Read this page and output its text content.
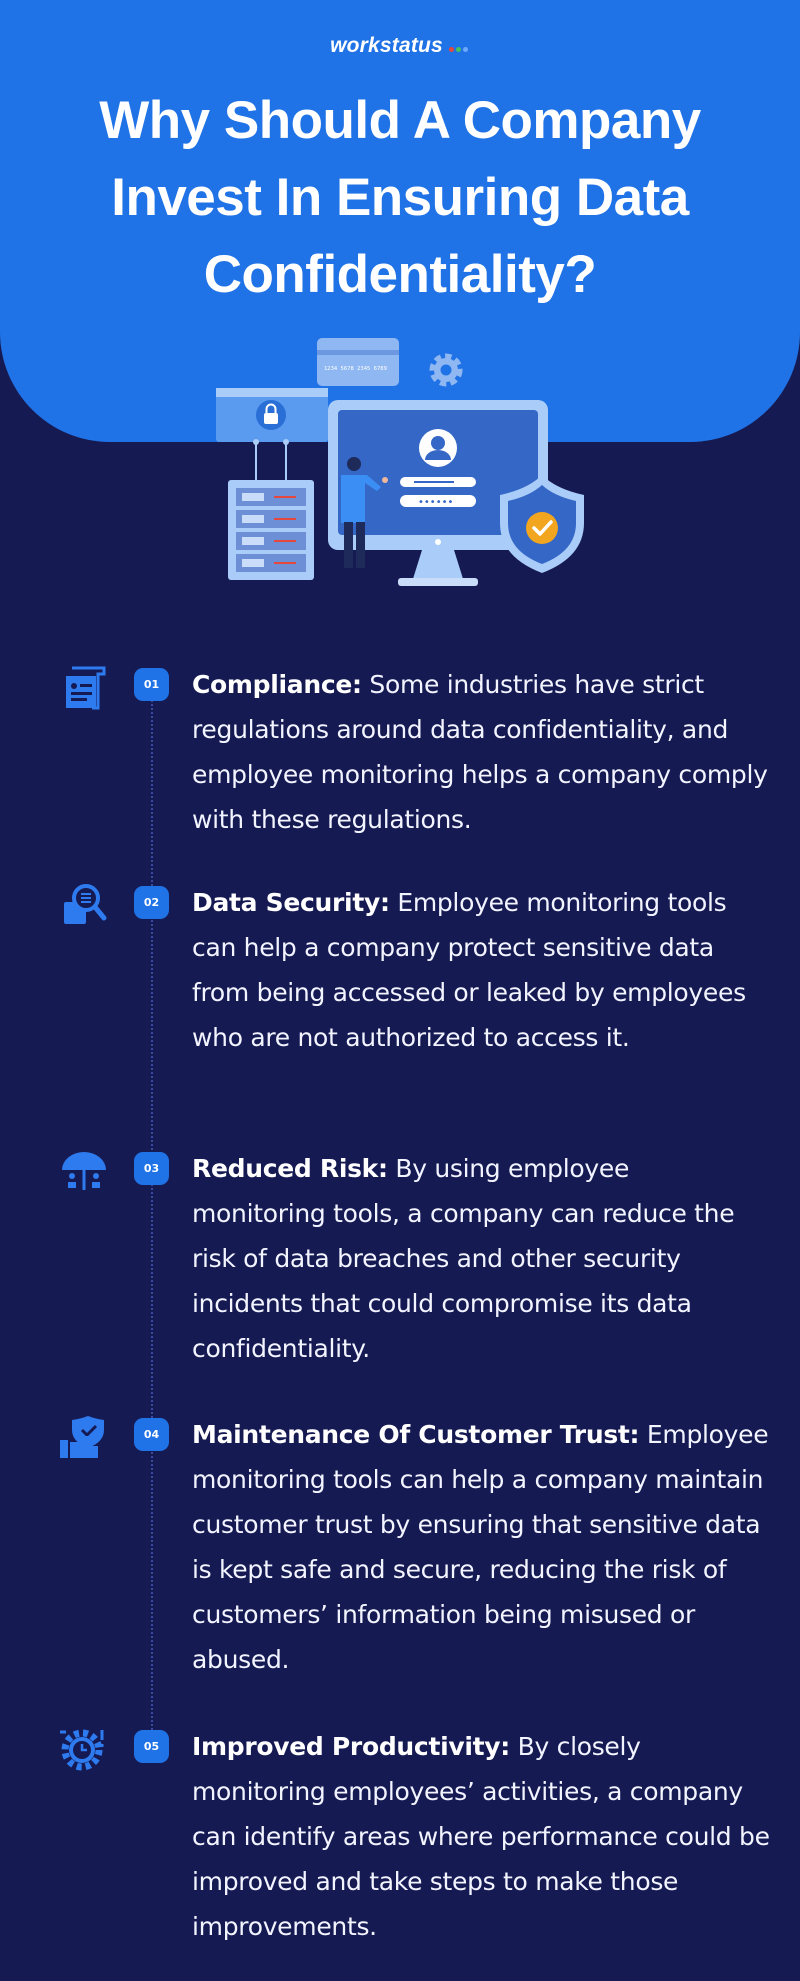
workstatus
Why Should A Company Invest In Ensuring Data Confidentiality?
1234 5678 2345 6789
••••••
01	Compliance: Some industries have strict regulations around data confidentiality, and employee monitoring helps a company comply with these regulations.
02	Data Security: Employee monitoring tools can help a company protect sensitive data from being accessed or leaked by employees who are not authorized to access it.
03	Reduced Risk: By using employee monitoring tools, a company can reduce the risk of data breaches and other security incidents that could compromise its data confidentiality.
04	Maintenance Of Customer Trust: Employee monitoring tools can help a company maintain customer trust by ensuring that sensitive data is kept safe and secure, reducing the risk of customers’ information being misused or abused.
05	Improved Productivity: By closely monitoring employees’ activities, a company can identify areas where performance could be improved and take steps to make those improvements.
